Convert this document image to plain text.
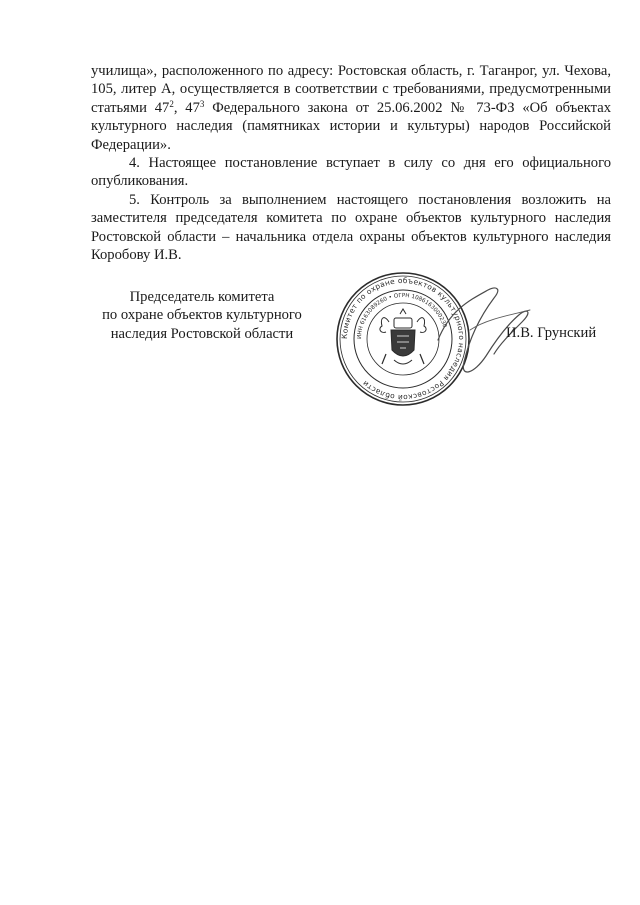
училища», расположенного по адресу: Ростовская область, г. Таганрог, ул. Чехова, 105, литер А, осуществляется в соответствии с требованиями, предусмотренными статьями $47^2$, $47^3$ Федерального закона от 25.06.2002 № 73-ФЗ «Об объектах культурного наследия (памятниках истории и культуры) народов Российской Федерации».

4. Настоящее постановление вступает в силу со дня его официального опубликования.

5. Контроль за выполнением настоящего постановления возложить на заместителя председателя комитета по охране объектов культурного наследия Ростовской области – начальника отдела охраны объектов культурного наследия Коробову И.В.

Председатель комитета
по охране объектов культурного
наследия Ростовской области	Комитет по охране объектов культурного наследия Ростовской области
ИНН 6163089260 • ОГРН 1086163000230	И.В. Грунский
